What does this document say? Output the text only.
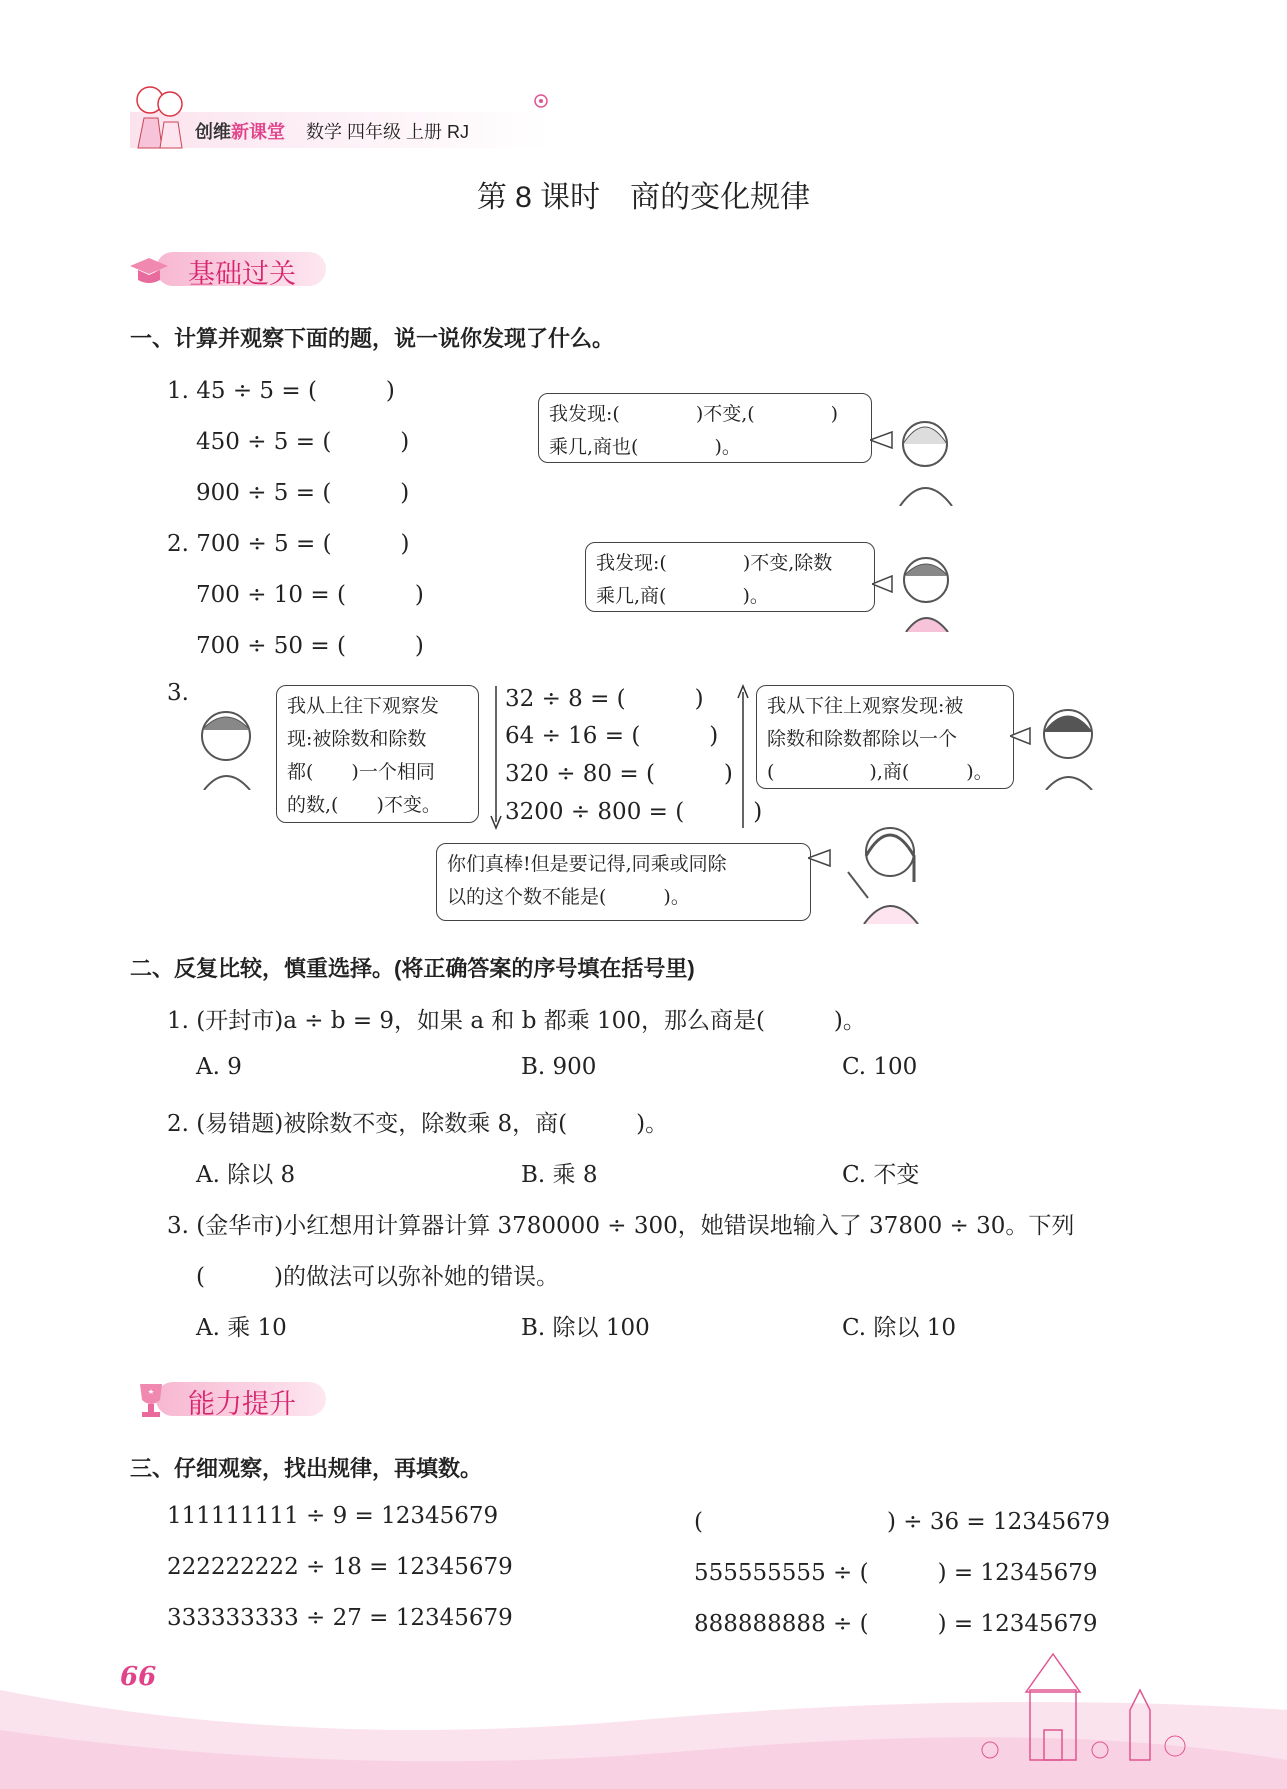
创维新课堂 数学 四年级 上册 RJ
第 8 课时　商的变化规律
基础过关
一、计算并观察下面的题，说一说你发现了什么。
1. 45 ÷ 5 = (　　　)
450 ÷ 5 = (　　　)
900 ÷ 5 = (　　　)
我发现:(　　　　)不变,(　　　　)
乘几,商也(　　　　)。
2. 700 ÷ 5 = (　　　)
700 ÷ 10 = (　　　)
700 ÷ 50 = (　　　)
我发现:(　　　　)不变,除数
乘几,商(　　　　)。
3.	我从上往下观察发
现:被除数和除数
都(　　)一个相同
的数,(　　)不变。
32 ÷ 8 = (　　　)
64 ÷ 16 = (　　　)
320 ÷ 80 = (　　　)
3200 ÷ 800 = (　　　)
我从下往上观察发现:被
除数和除数都除以一个
(　　　　　),商(　　　)。
你们真棒!但是要记得,同乘或同除
以的这个数不能是(　　　)。
二、反复比较，慎重选择。(将正确答案的序号填在括号里)
1. (开封市)a ÷ b = 9，如果 a 和 b 都乘 100，那么商是(　　　)。
A. 9	B. 900	C. 100
2. (易错题)被除数不变，除数乘 8，商(　　　)。
A. 除以 8	B. 乘 8	C. 不变
3. (金华市)小红想用计算器计算 3780000 ÷ 300，她错误地输入了 37800 ÷ 30。下列
(　　　)的做法可以弥补她的错误。
A. 乘 10	B. 除以 100	C. 除以 10
能力提升
三、仔细观察，找出规律，再填数。
111111111 ÷ 9 = 12345679
222222222 ÷ 18 = 12345679
333333333 ÷ 27 = 12345679
(　　　　　　　　) ÷ 36 = 12345679
555555555 ÷ (　　　) = 12345679
888888888 ÷ (　　　) = 12345679
66
